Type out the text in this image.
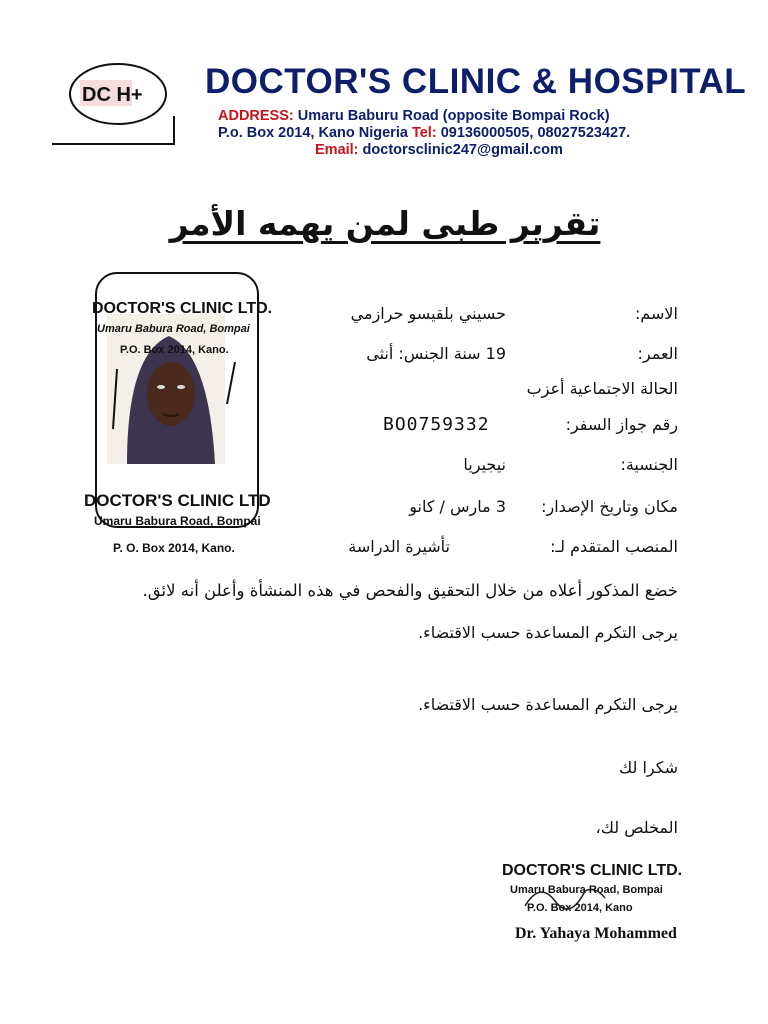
DC H+ DOCTOR'S CLINIC & HOSPITAL
ADDRESS: Umaru Baburu Road (opposite Bompai Rock)
P.o. Box 2014, Kano Nigeria Tel: 09136000505, 08027523427.
Email: doctorsclinic247@gmail.com
تقرير طبى لمن يهمه الأمر
DOCTOR'S CLINIC LTD.
Umaru Babura Road, Bompai
P.O. Box 2014, Kano.
DOCTOR'S CLINIC LTD
Umaru Babura Road, Bompai
P. O. Box 2014, Kano.
الاسم:
حسيني بلقيسو حرازمي
العمر:
19 سنة الجنس: أنثى
الحالة الاجتماعية أعزب
رقم جواز السفر:
BO0759332
الجنسية:
نيجيريا
مكان وتاريخ الإصدار:
3 مارس / كانو
المنصب المتقدم لـ:
تأشيرة الدراسة
خضع المذكور أعلاه من خلال التحقيق والفحص في هذه المنشأة وأعلن أنه لائق.
يرجى التكرم المساعدة حسب الاقتضاء.
يرجى التكرم المساعدة حسب الاقتضاء.
شكرا لك
المخلص لك،
DOCTOR'S CLINIC LTD.
Umaru Babura Road, Bompai
P.O. Box 2014, Kano
Dr. Yahaya Mohammed
